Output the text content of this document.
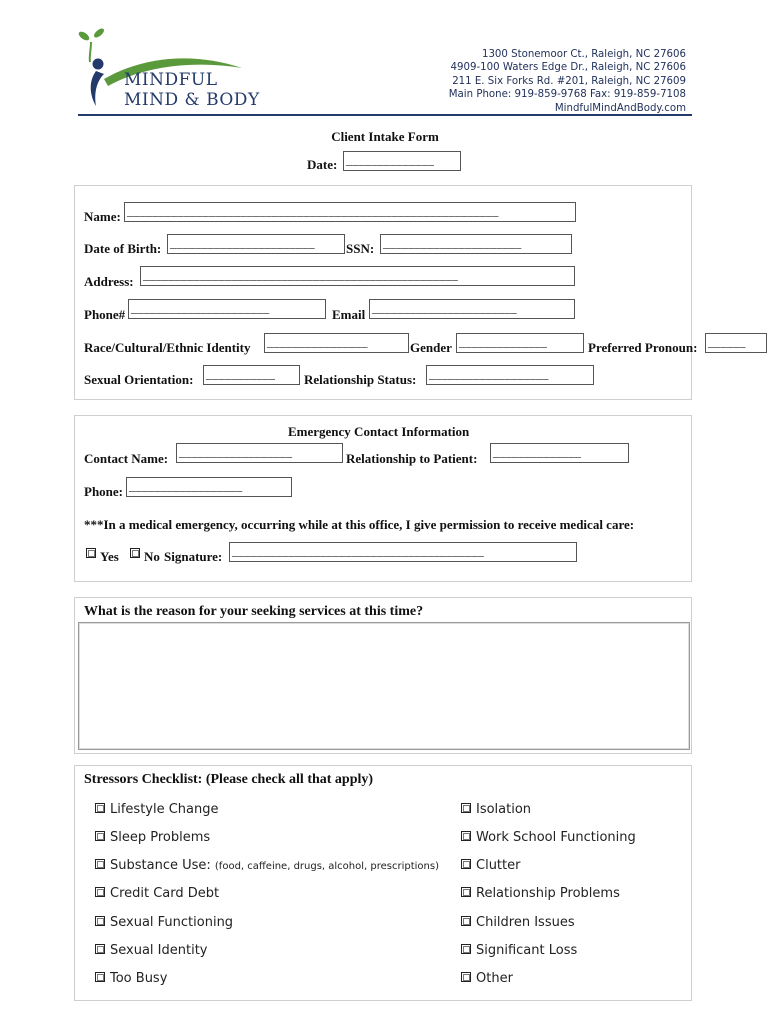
MINDFUL
MIND & BODY
1300 Stonemoor Ct., Raleigh, NC 27606
4909-100 Waters Edge Dr., Raleigh, NC 27606
211 E. Six Forks Rd. #201, Raleigh, NC 27609
Main Phone: 919-859-9768 Fax: 919-859-7108
MindfulMindAndBody.com
Client Intake Form
Date: ______________
Name: ___________________________________________________________
Date of Birth: _______________________	SSN: ______________________
Address: __________________________________________________
Phone# ______________________	Email _______________________
Race/Cultural/Ethnic Identity ________________	Gender ______________	Preferred Pronoun: ______
Sexual Orientation: ___________	Relationship Status: ___________________
Emergency Contact Information
Contact Name: __________________	Relationship to Patient: ______________
Phone: __________________
***In a medical emergency, occurring while at this office, I give permission to receive medical care:
Yes No Signature: ________________________________________
What is the reason for your seeking services at this time?
Stressors Checklist: (Please check all that apply)
Lifestyle Change
Sleep Problems
Substance Use: (food, caffeine, drugs, alcohol, prescriptions)
Credit Card Debt
Sexual Functioning
Sexual Identity
Too Busy
Isolation
Work School Functioning
Clutter
Relationship Problems
Children Issues
Significant Loss
Other
